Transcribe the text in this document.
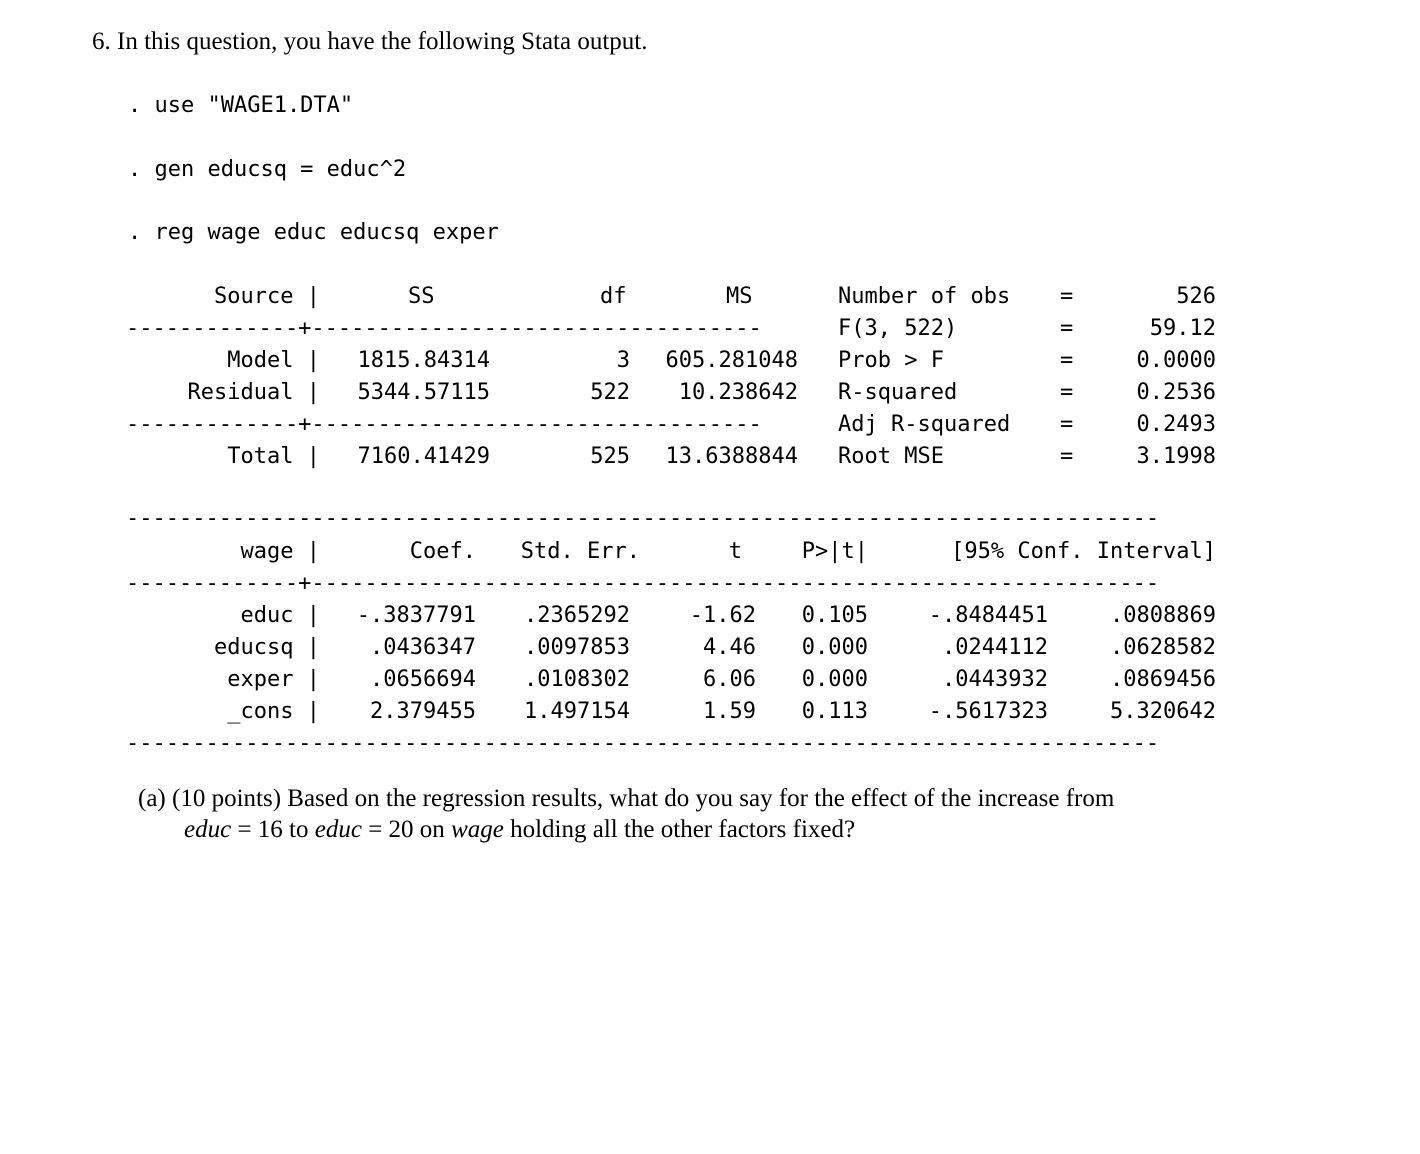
6. In this question, you have the following Stata output.
. use "WAGE1.DTA"
. gen educsq = educ^2
. reg wage educ educsq exper
Source |	SS	df	MS
-------------+----------------------------------
Model |	1815.84314	3	605.281048
Residual |	5344.57115	522	10.238642
-------------+----------------------------------
Total |	7160.41429	525	13.6388844
Number of obs =	526
F(3, 522)	=	59.12
Prob > F	=	0.0000
R-squared	=	0.2536
Adj R-squared =	0.2493
Root MSE	=	3.1998
------------------------------------------------------------------------------
wage |	Coef.	Std. Err.	t	P>|t|	[95% Conf. Interval]
-------------+----------------------------------------------------------------
educ |	-.3837791	.2365292	-1.62	0.105	-.8484451	.0808869
educsq |	.0436347	.0097853	4.46	0.000	.0244112	.0628582
exper |	.0656694	.0108302	6.06	0.000	.0443932	.0869456
_cons |	2.379455	1.497154	1.59	0.113	-.5617323	5.320642
------------------------------------------------------------------------------
(a) (10 points) Based on the regression results, what do you say for the effect of the increase from
educ = 16 to educ = 20 on wage holding all the other factors fixed?
